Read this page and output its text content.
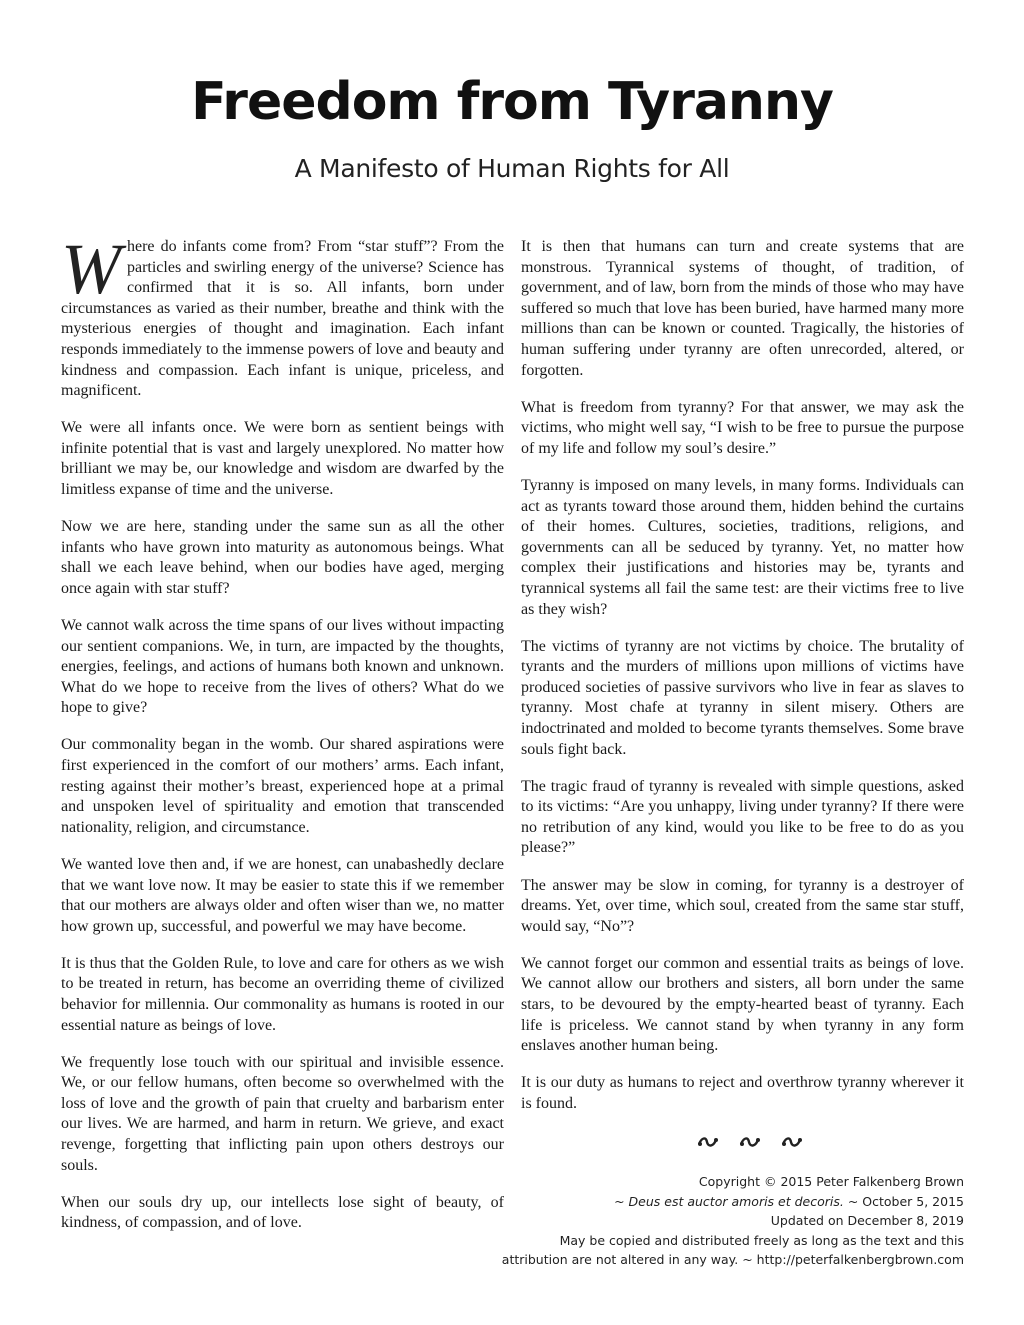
Freedom from Tyranny
A Manifesto of Human Rights for All

Where do infants come from? From “star stuff”? From the particles and swirling energy of the universe? Science has confirmed that it is so. All infants, born under circumstances as varied as their number, breathe and think with the mysterious energies of thought and imagination. Each infant responds immediately to the immense powers of love and beauty and kindness and compassion. Each infant is unique, priceless, and magnificent.

We were all infants once. We were born as sentient beings with infinite potential that is vast and largely unexplored. No matter how brilliant we may be, our knowledge and wisdom are dwarfed by the limitless expanse of time and the universe.

Now we are here, standing under the same sun as all the other infants who have grown into maturity as autonomous beings. What shall we each leave behind, when our bodies have aged, merging once again with star stuff?

We cannot walk across the time spans of our lives without impacting our sentient companions. We, in turn, are impacted by the thoughts, energies, feelings, and actions of humans both known and unknown. What do we hope to receive from the lives of others? What do we hope to give?

Our commonality began in the womb. Our shared aspirations were first experienced in the comfort of our mothers’ arms. Each infant, resting against their mother’s breast, experienced hope at a primal and unspoken level of spirituality and emotion that transcended nationality, religion, and circumstance.

We wanted love then and, if we are honest, can unabashedly declare that we want love now. It may be easier to state this if we remember that our mothers are always older and often wiser than we, no matter how grown up, successful, and powerful we may have become.

It is thus that the Golden Rule, to love and care for others as we wish to be treated in return, has become an overriding theme of civilized behavior for millennia. Our commonality as humans is rooted in our essential nature as beings of love.

We frequently lose touch with our spiritual and invisible essence. We, or our fellow humans, often become so overwhelmed with the loss of love and the growth of pain that cruelty and barbarism enter our lives. We are harmed, and harm in return. We grieve, and exact revenge, forgetting that inflicting pain upon others destroys our souls.

When our souls dry up, our intellects lose sight of beauty, of kindness, of compassion, and of love.

It is then that humans can turn and create systems that are monstrous. Tyrannical systems of thought, of tradition, of government, and of law, born from the minds of those who may have suffered so much that love has been buried, have harmed many more millions than can be known or counted. Tragically, the histories of human suffering under tyranny are often unrecorded, altered, or forgotten.

What is freedom from tyranny? For that answer, we may ask the victims, who might well say, “I wish to be free to pursue the purpose of my life and follow my soul’s desire.”

Tyranny is imposed on many levels, in many forms. Individuals can act as tyrants toward those around them, hidden behind the curtains of their homes. Cultures, societies, traditions, religions, and governments can all be seduced by tyranny. Yet, no matter how complex their justifications and histories may be, tyrants and tyrannical systems all fail the same test: are their victims free to live as they wish?

The victims of tyranny are not victims by choice. The brutality of tyrants and the murders of millions upon millions of victims have produced societies of passive survivors who live in fear as slaves to tyranny. Most chafe at tyranny in silent misery. Others are indoctrinated and molded to become tyrants themselves. Some brave souls fight back.

The tragic fraud of tyranny is revealed with simple questions, asked to its victims: “Are you unhappy, living under tyranny? If there were no retribution of any kind, would you like to be free to do as you please?”

The answer may be slow in coming, for tyranny is a destroyer of dreams. Yet, over time, which soul, created from the same star stuff, would say, “No”?

We cannot forget our common and essential traits as beings of love. We cannot allow our brothers and sisters, all born under the same stars, to be devoured by the empty-hearted beast of tyranny. Each life is priceless. We cannot stand by when tyranny in any form enslaves another human being.

It is our duty as humans to reject and overthrow tyranny wherever it is found.

Copyright © 2015 Peter Falkenberg Brown
~ Deus est auctor amoris et decoris. ~ October 5, 2015
Updated on December 8, 2019
May be copied and distributed freely as long as the text and this
attribution are not altered in any way. ~ http://peterfalkenbergbrown.com
